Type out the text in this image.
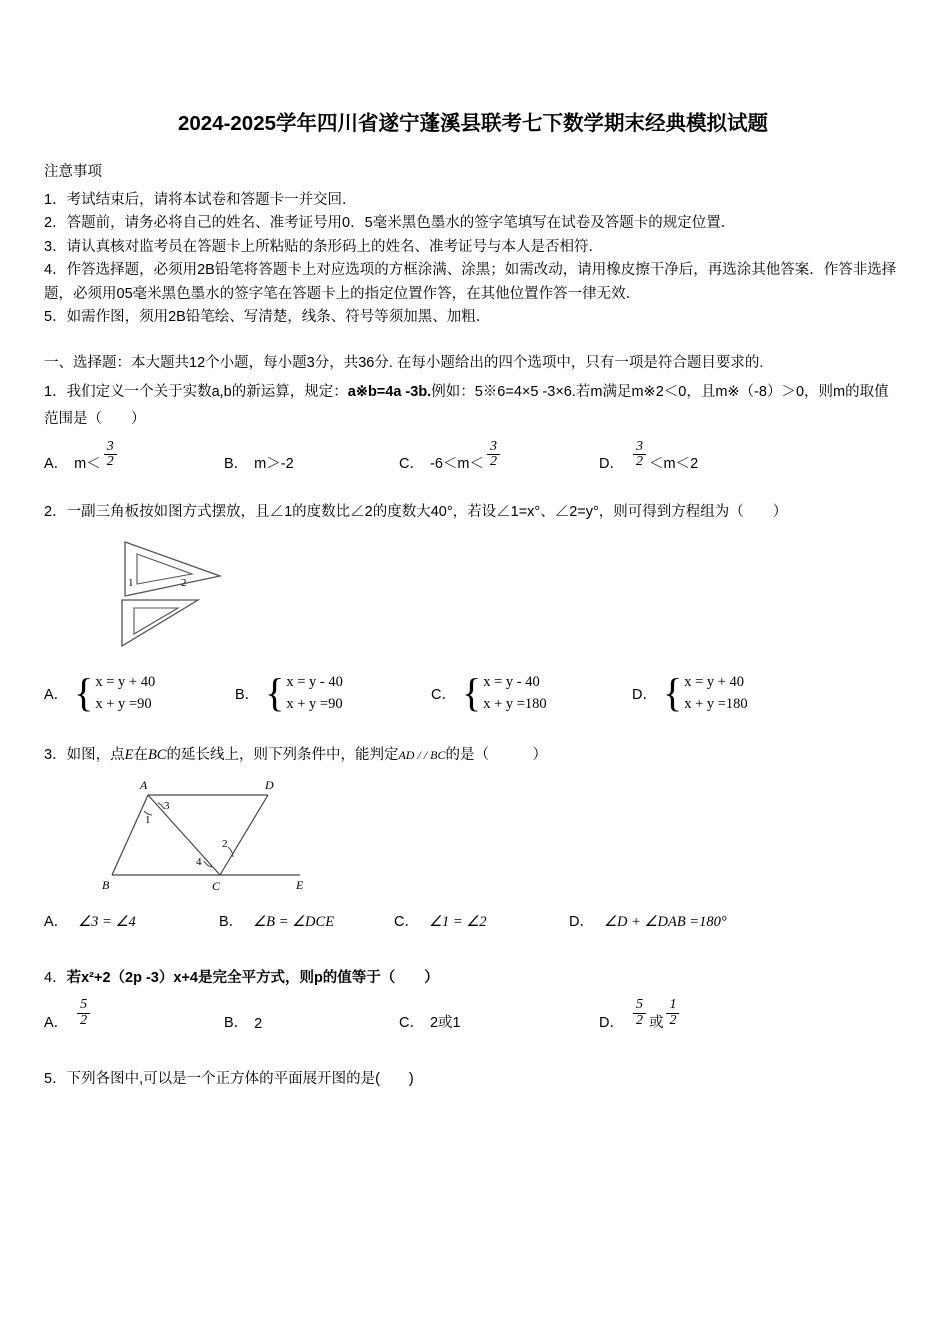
2024-2025学年四川省遂宁蓬溪县联考七下数学期末经典模拟试题
注意事项

1．考试结束后，请将本试卷和答题卡一并交回．

2．答题前，请务必将自己的姓名、准考证号用0．5毫米黑色墨水的签字笔填写在试卷及答题卡的规定位置．

3．请认真核对监考员在答题卡上所粘贴的条形码上的姓名、准考证号与本人是否相符．

4．作答选择题，必须用2B铅笔将答题卡上对应选项的方框涂满、涂黑；如需改动，请用橡皮擦干净后，再选涂其他答案．作答非选择题，必须用05毫米黑色墨水的签字笔在答题卡上的指定位置作答，在其他位置作答一律无效．

5．如需作图，须用2B铅笔绘、写清楚，线条、符号等须加黑、加粗．

一、选择题：本大题共12个小题，每小题3分，共36分. 在每小题给出的四个选项中，只有一项是符合题目要求的.
1．我们定义一个关于实数a,b的新运算，规定：a※b=4a -3b.例如：5※6=4×5 -3×6.若m满足m※2＜0，且m※（-8）＞0，则m的取值范围是（　　）
A． $m< \frac{3}{2}$	B． m＞-2	C． $-6<m< \frac{3}{2}$	D． $\frac{3}{2} <m<2$
2．一副三角板按如图方式摆放，且∠1的度数比∠2的度数大40°，若设∠1=x°、∠2=y°，则可得到方程组为（　　）
1	2
A． { x = y + 40
x + y =90
B． { x = y - 40
x + y =90
C． { x = y - 40
x + y =180
D． { x = y + 40
x + y =180
3．如图，点E在BC的延长线上，则下列条件中，能判定AD / / BC的是（　　　）
A	D
B	C	E
1
2
3
4
A． ∠3 = ∠4	B． ∠B = ∠DCE	C． ∠1 = ∠2	D． ∠D + ∠DAB =180°
4．若x²+2（2p -3）x+4是完全平方式，则p的值等于（　　）
A． $\frac{5}{2}$	B． 2	C． 2或1	D． $\frac{5}{2}$ 或 $\frac{1}{2}$
5．下列各图中,可以是一个正方体的平面展开图的是(　　)
